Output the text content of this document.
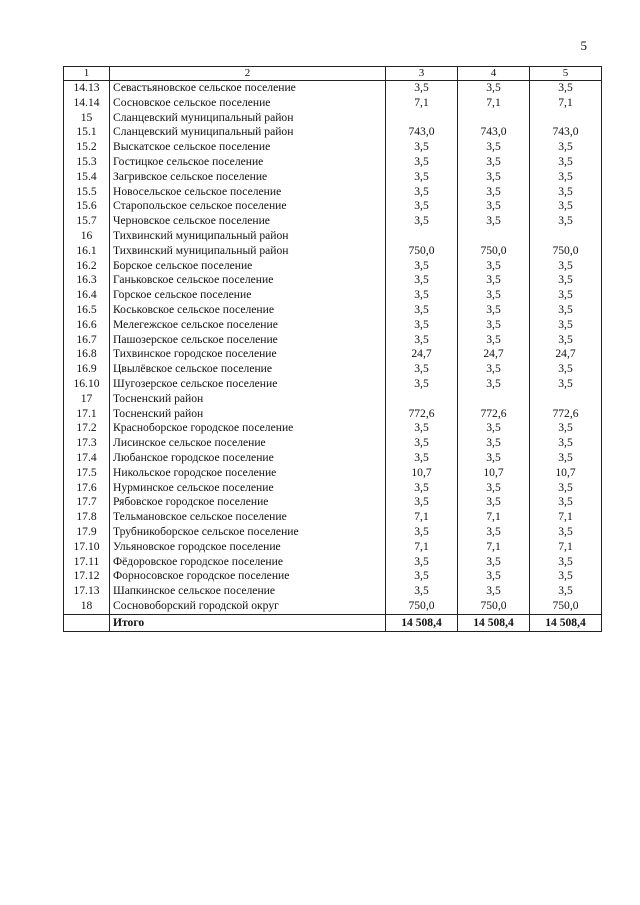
5
1	2	3	4	5
14.13	Севастьяновское сельское поселение	3,5	3,5	3,5
14.14	Сосновское сельское поселение	7,1	7,1	7,1
15	Сланцевский муниципальный район			
15.1	Сланцевский муниципальный район	743,0	743,0	743,0
15.2	Выскатское сельское поселение	3,5	3,5	3,5
15.3	Гостицкое сельское поселение	3,5	3,5	3,5
15.4	Загривское сельское поселение	3,5	3,5	3,5
15.5	Новосельское сельское поселение	3,5	3,5	3,5
15.6	Старопольское сельское поселение	3,5	3,5	3,5
15.7	Черновское сельское поселение	3,5	3,5	3,5
16	Тихвинский муниципальный район			
16.1	Тихвинский муниципальный район	750,0	750,0	750,0
16.2	Борское сельское поселение	3,5	3,5	3,5
16.3	Ганьковское сельское поселение	3,5	3,5	3,5
16.4	Горское сельское поселение	3,5	3,5	3,5
16.5	Коськовское сельское поселение	3,5	3,5	3,5
16.6	Мелегежское сельское поселение	3,5	3,5	3,5
16.7	Пашозерское сельское поселение	3,5	3,5	3,5
16.8	Тихвинское городское поселение	24,7	24,7	24,7
16.9	Цвылёвское сельское поселение	3,5	3,5	3,5
16.10	Шугозерское сельское поселение	3,5	3,5	3,5
17	Тосненский район			
17.1	Тосненский район	772,6	772,6	772,6
17.2	Красноборское городское поселение	3,5	3,5	3,5
17.3	Лисинское сельское поселение	3,5	3,5	3,5
17.4	Любанское городское поселение	3,5	3,5	3,5
17.5	Никольское городское поселение	10,7	10,7	10,7
17.6	Нурминское сельское поселение	3,5	3,5	3,5
17.7	Рябовское городское поселение	3,5	3,5	3,5
17.8	Тельмановское сельское поселение	7,1	7,1	7,1
17.9	Трубникоборское сельское поселение	3,5	3,5	3,5
17.10	Ульяновское городское поселение	7,1	7,1	7,1
17.11	Фёдоровское городское поселение	3,5	3,5	3,5
17.12	Форносовское городское поселение	3,5	3,5	3,5
17.13	Шапкинское сельское поселение	3,5	3,5	3,5
18	Сосновоборский городской округ	750,0	750,0	750,0
	Итого	14 508,4	14 508,4	14 508,4
